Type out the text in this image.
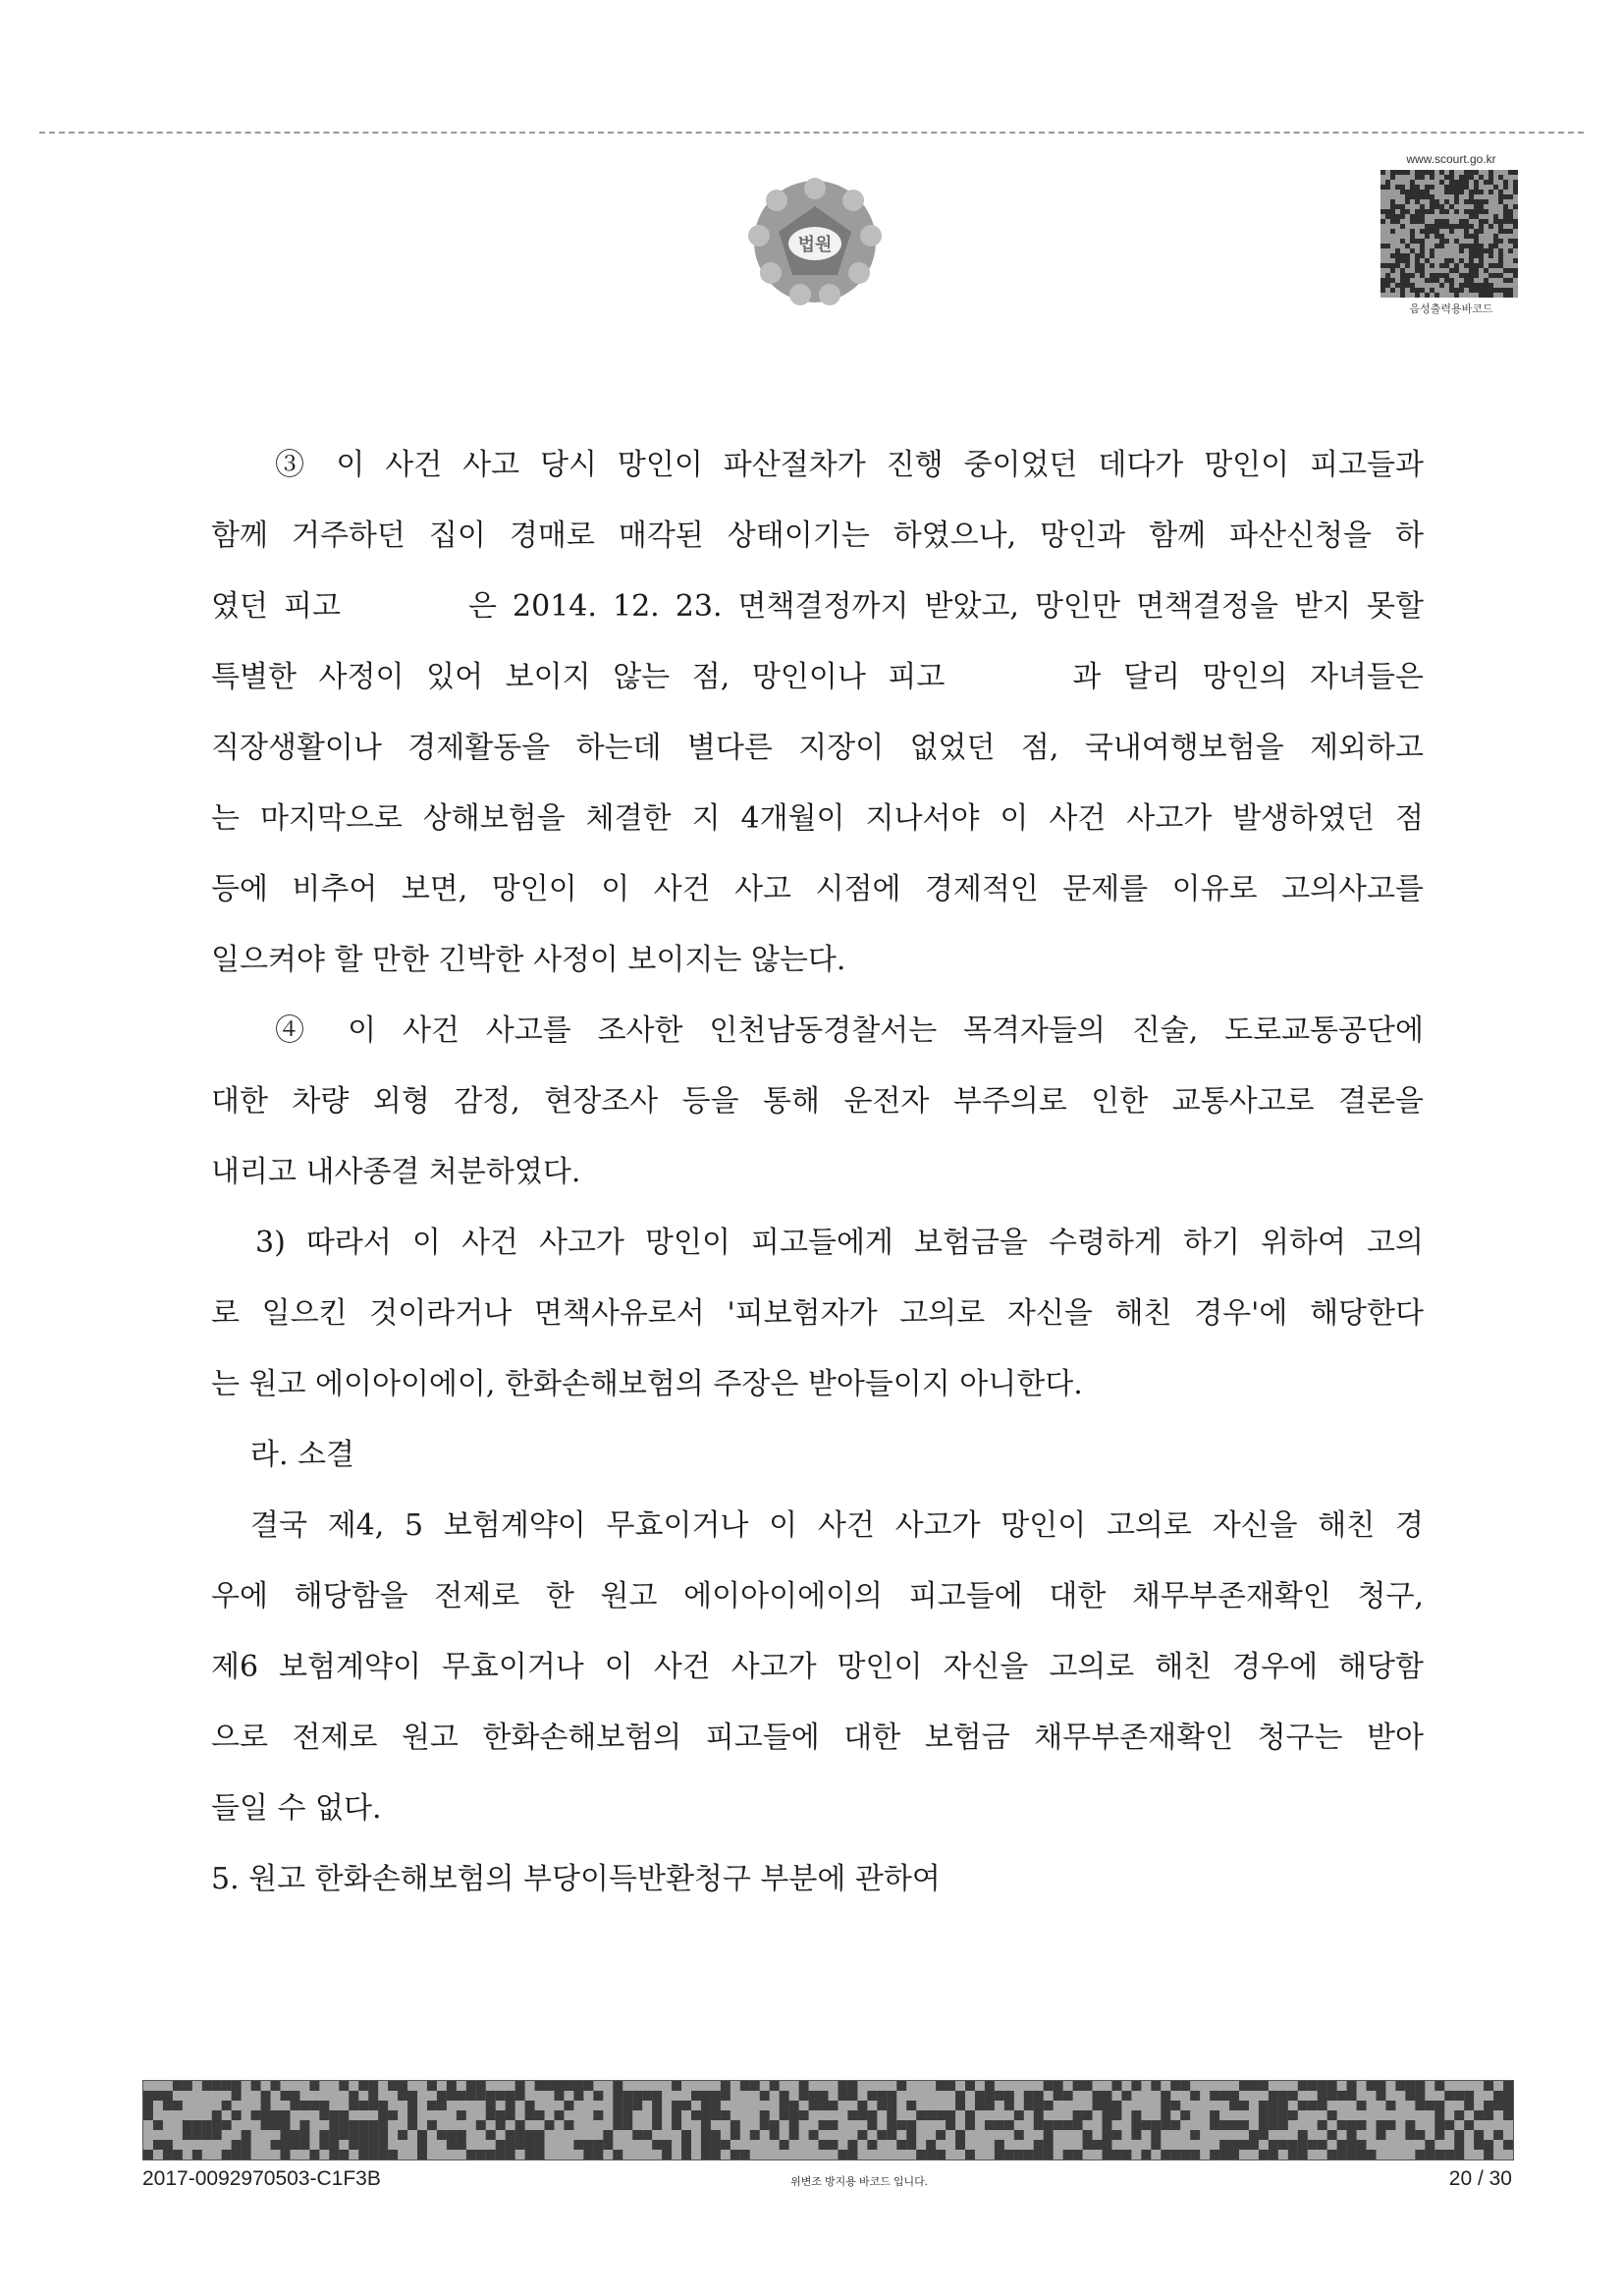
법원
www.scourt.go.kr
음성출력용바코드
③ 이 사건 사고 당시 망인이 파산절차가 진행 중이었던 데다가 망인이 피고들과
함께 거주하던 집이 경매로 매각된 상태이기는 하였으나, 망인과 함께 파산신청을 하
였던 피고	은 2014. 12. 23. 면책결정까지 받았고, 망인만 면책결정을 받지 못할
특별한 사정이 있어 보이지 않는 점, 망인이나 피고	과 달리 망인의 자녀들은
직장생활이나 경제활동을 하는데 별다른 지장이 없었던 점, 국내여행보험을 제외하고
는 마지막으로 상해보험을 체결한 지 4개월이 지나서야 이 사건 사고가 발생하였던 점
등에 비추어 보면, 망인이 이 사건 사고 시점에 경제적인 문제를 이유로 고의사고를
일으켜야 할 만한 긴박한 사정이 보이지는 않는다.
④ 이 사건 사고를 조사한 인천남동경찰서는 목격자들의 진술, 도로교통공단에
대한 차량 외형 감정, 현장조사 등을 통해 운전자 부주의로 인한 교통사고로 결론을
내리고 내사종결 처분하였다.
3) 따라서 이 사건 사고가 망인이 피고들에게 보험금을 수령하게 하기 위하여 고의
로 일으킨 것이라거나 면책사유로서 '피보험자가 고의로 자신을 해친 경우'에 해당한다
는 원고 에이아이에이, 한화손해보험의 주장은 받아들이지 아니한다.
라. 소결
결국 제4, 5 보험계약이 무효이거나 이 사건 사고가 망인이 고의로 자신을 해친 경
우에 해당함을 전제로 한 원고 에이아이에이의 피고들에 대한 채무부존재확인 청구,
제6 보험계약이 무효이거나 이 사건 사고가 망인이 자신을 고의로 해친 경우에 해당함
으로 전제로 원고 한화손해보험의 피고들에 대한 보험금 채무부존재확인 청구는 받아
들일 수 없다.
5. 원고 한화손해보험의 부당이득반환청구 부분에 관하여
2017-0092970503-C1F3B	위변조 방지용 바코드 입니다.	20 / 30
